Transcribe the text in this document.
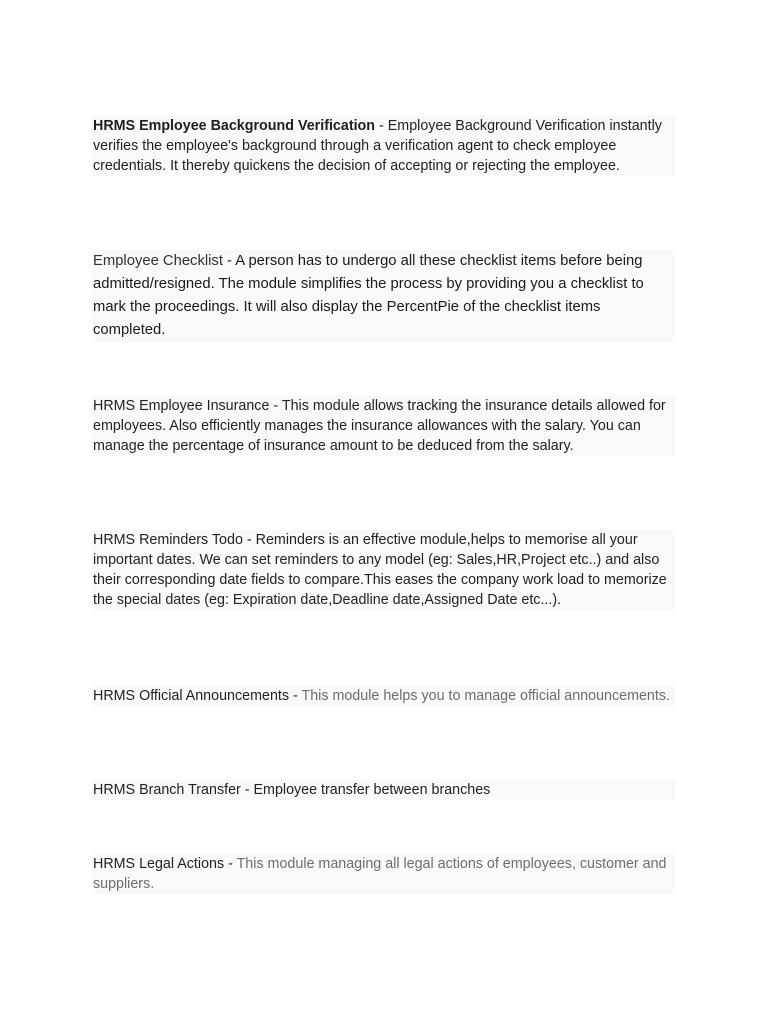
HRMS Employee Background Verification - Employee Background Verification instantly verifies the employee's background through a verification agent to check employee credentials. It thereby quickens the decision of accepting or rejecting the employee.

Employee Checklist - A person has to undergo all these checklist items before being admitted/resigned. The module simplifies the process by providing you a checklist to mark the proceedings. It will also display the PercentPie of the checklist items completed.

HRMS Employee Insurance - This module allows tracking the insurance details allowed for employees. Also efficiently manages the insurance allowances with the salary. You can manage the percentage of insurance amount to be deduced from the salary.

HRMS Reminders Todo - Reminders is an effective module,helps to memorise all your important dates. We can set reminders to any model (eg: Sales,HR,Project etc..) and also their corresponding date fields to compare.This eases the company work load to memorize the special dates (eg: Expiration date,Deadline date,Assigned Date etc...).

HRMS Official Announcements - This module helps you to manage official announcements.

HRMS Branch Transfer - Employee transfer between branches

HRMS Legal Actions - This module managing all legal actions of employees, customer and suppliers.
